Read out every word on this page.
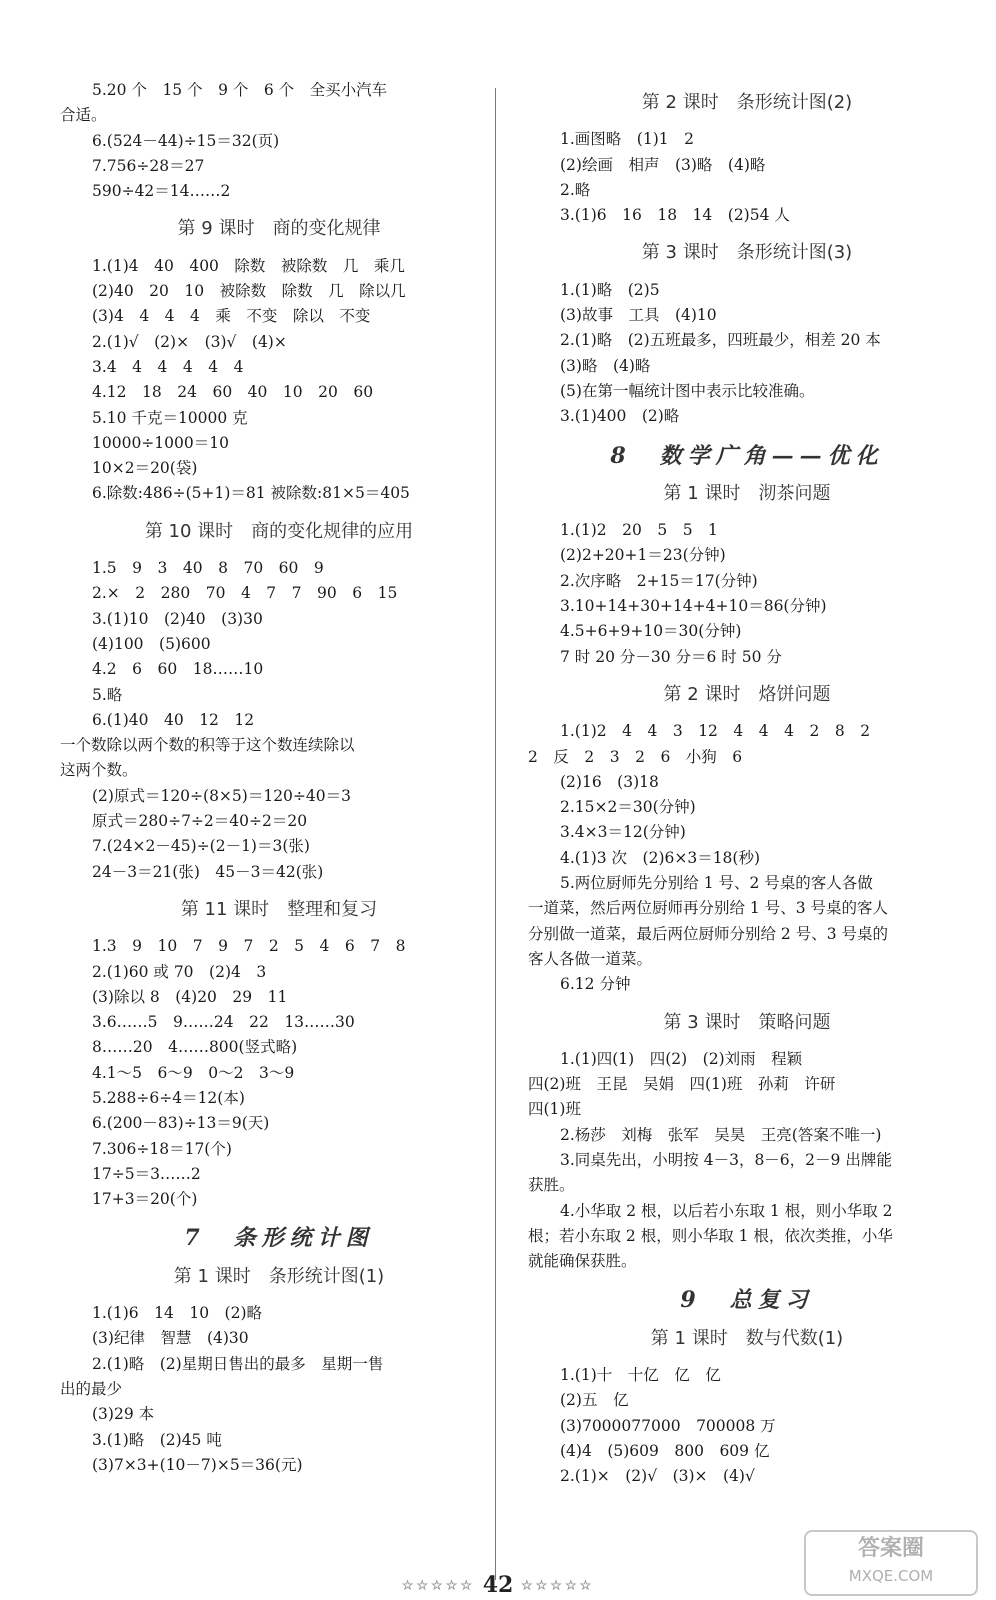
5.20 个　15 个　9 个　6 个　全买小汽车
合适。
6.(524－44)÷15＝32(页)
7.756÷28＝27
590÷42＝14……2
第 9 课时　商的变化规律
1.(1)4　40　400　除数　被除数　几　乘几
(2)40　20　10　被除数　除数　几　除以几
(3)4　4　4　4　乘　不变　除以　不变
2.(1)√　(2)×　(3)√　(4)×
3.4　4　4　4　4　4
4.12　18　24　60　40　10　20　60
5.10 千克＝10000 克
10000÷1000＝10
10×2＝20(袋)
6.除数:486÷(5+1)＝81 被除数:81×5＝405
第 10 课时　商的变化规律的应用
1.5　9　3　40　8　70　60　9
2.×　2　280　70　4　7　7　90　6　15
3.(1)10　(2)40　(3)30
(4)100　(5)600
4.2　6　60　18……10
5.略
6.(1)40　40　12　12
一个数除以两个数的积等于这个数连续除以
这两个数。
(2)原式＝120÷(8×5)＝120÷40＝3
原式＝280÷7÷2＝40÷2＝20
7.(24×2－45)÷(2－1)＝3(张)
24－3＝21(张)　45－3＝42(张)
第 11 课时　整理和复习
1.3　9　10　7　9　7　2　5　4　6　7　8
2.(1)60 或 70　(2)4　3
(3)除以 8　(4)20　29　11
3.6……5　9……24　22　13……30
8……20　4……800(竖式略)
4.1～5　6～9　0～2　3～9
5.288÷6÷4＝12(本)
6.(200－83)÷13＝9(天)
7.306÷18＝17(个)
17÷5＝3……2
17+3＝20(个)
7　条形统计图
第 1 课时　条形统计图(1)
1.(1)6　14　10　(2)略
(3)纪律　智慧　(4)30
2.(1)略　(2)星期日售出的最多　星期一售
出的最少
(3)29 本
3.(1)略　(2)45 吨
(3)7×3+(10－7)×5＝36(元)
第 2 课时　条形统计图(2)
1.画图略　(1)1　2
(2)绘画　相声　(3)略　(4)略
2.略
3.(1)6　16　18　14　(2)54 人
第 3 课时　条形统计图(3)
1.(1)略　(2)5
(3)故事　工具　(4)10
2.(1)略　(2)五班最多，四班最少，相差 20 本
(3)略　(4)略
(5)在第一幅统计图中表示比较准确。
3.(1)400　(2)略
8　数学广角——优化
第 1 课时　沏茶问题
1.(1)2　20　5　5　1
(2)2+20+1＝23(分钟)
2.次序略　2+15＝17(分钟)
3.10+14+30+14+4+10＝86(分钟)
4.5+6+9+10＝30(分钟)
7 时 20 分－30 分＝6 时 50 分
第 2 课时　烙饼问题
1.(1)2　4　4　3　12　4　4　4　2　8　2
2　反　2　3　2　6　小狗　6
(2)16　(3)18
2.15×2＝30(分钟)
3.4×3＝12(分钟)
4.(1)3 次　(2)6×3＝18(秒)
5.两位厨师先分别给 1 号、2 号桌的客人各做
一道菜，然后两位厨师再分别给 1 号、3 号桌的客人
分别做一道菜，最后两位厨师分别给 2 号、3 号桌的
客人各做一道菜。
6.12 分钟
第 3 课时　策略问题
1.(1)四(1)　四(2)　(2)刘雨　程颖
四(2)班　王昆　吴娟　四(1)班　孙莉　许研
四(1)班
2.杨莎　刘梅　张军　吴昊　王亮(答案不唯一)
3.同桌先出，小明按 4－3，8－6，2－9 出牌能
获胜。
4.小华取 2 根，以后若小东取 1 根，则小华取 2
根；若小东取 2 根，则小华取 1 根，依次类推，小华
就能确保获胜。
9　总复习
第 1 课时　数与代数(1)
1.(1)十　十亿　亿　亿
(2)五　亿
(3)7000077000　700008 万
(4)4　(5)609　800　609 亿
2.(1)×　(2)√　(3)×　(4)√
☆☆☆☆☆ 42 ☆☆☆☆☆
答案圈
MXQE.COM
